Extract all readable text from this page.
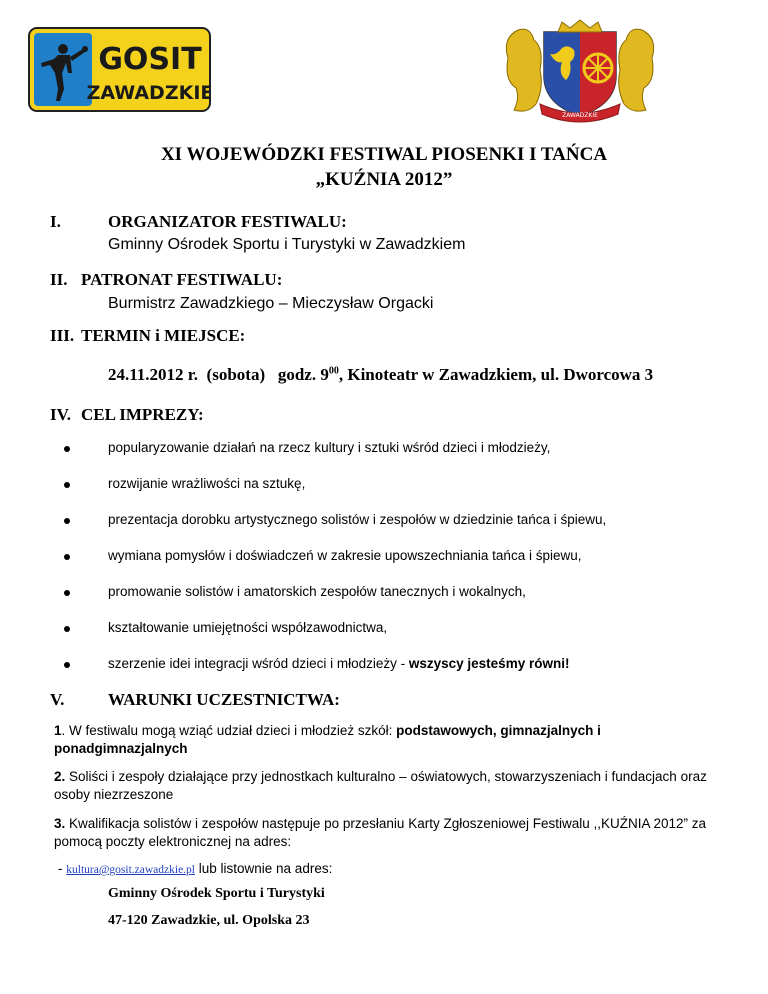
GOSIT
ZAWADZKIE
ZAWADZKIE
XI WOJEWÓDZKI FESTIWAL PIOSENKI I TAŃCA
„KUŹNIA 2012”
I.	ORGANIZATOR FESTIWALU:
Gminny Ośrodek Sportu i Turystyki w Zawadzkiem
II. PATRONAT FESTIWALU:
Burmistrz Zawadzkiego – Mieczysław Orgacki
III. TERMIN i MIEJSCE:
24.11.2012 r.  (sobota)   godz. $9^{00}$, Kinoteatr w Zawadzkiem, ul. Dworcowa 3
IV. CEL IMPREZY:
popularyzowanie działań na rzecz kultury i sztuki wśród dzieci i młodzieży,
rozwijanie wrażliwości na sztukę,
prezentacja dorobku artystycznego solistów i zespołów w dziedzinie tańca i śpiewu,
wymiana pomysłów i doświadczeń w zakresie upowszechniania tańca i śpiewu,
promowanie solistów i amatorskich zespołów tanecznych i wokalnych,
kształtowanie umiejętności współzawodnictwa,
szerzenie idei integracji wśród dzieci i młodzieży - wszyscy jesteśmy równi!
V.	WARUNKI UCZESTNICTWA:
1. W festiwalu mogą wziąć udział dzieci i młodzież szkół: podstawowych, gimnazjalnych i ponadgimnazjalnych
2. Soliści i zespoły działające przy jednostkach kulturalno – oświatowych, stowarzyszeniach i fundacjach oraz osoby niezrzeszone
3. Kwalifikacja solistów i zespołów następuje po przesłaniu Karty Zgłoszeniowej Festiwalu ,,KUŹNIA 2012” za pomocą poczty elektronicznej na adres:
- kultura@gosit.zawadzkie.pl lub listownie na adres:
Gminny Ośrodek Sportu i Turystyki
47-120 Zawadzkie, ul. Opolska 23
